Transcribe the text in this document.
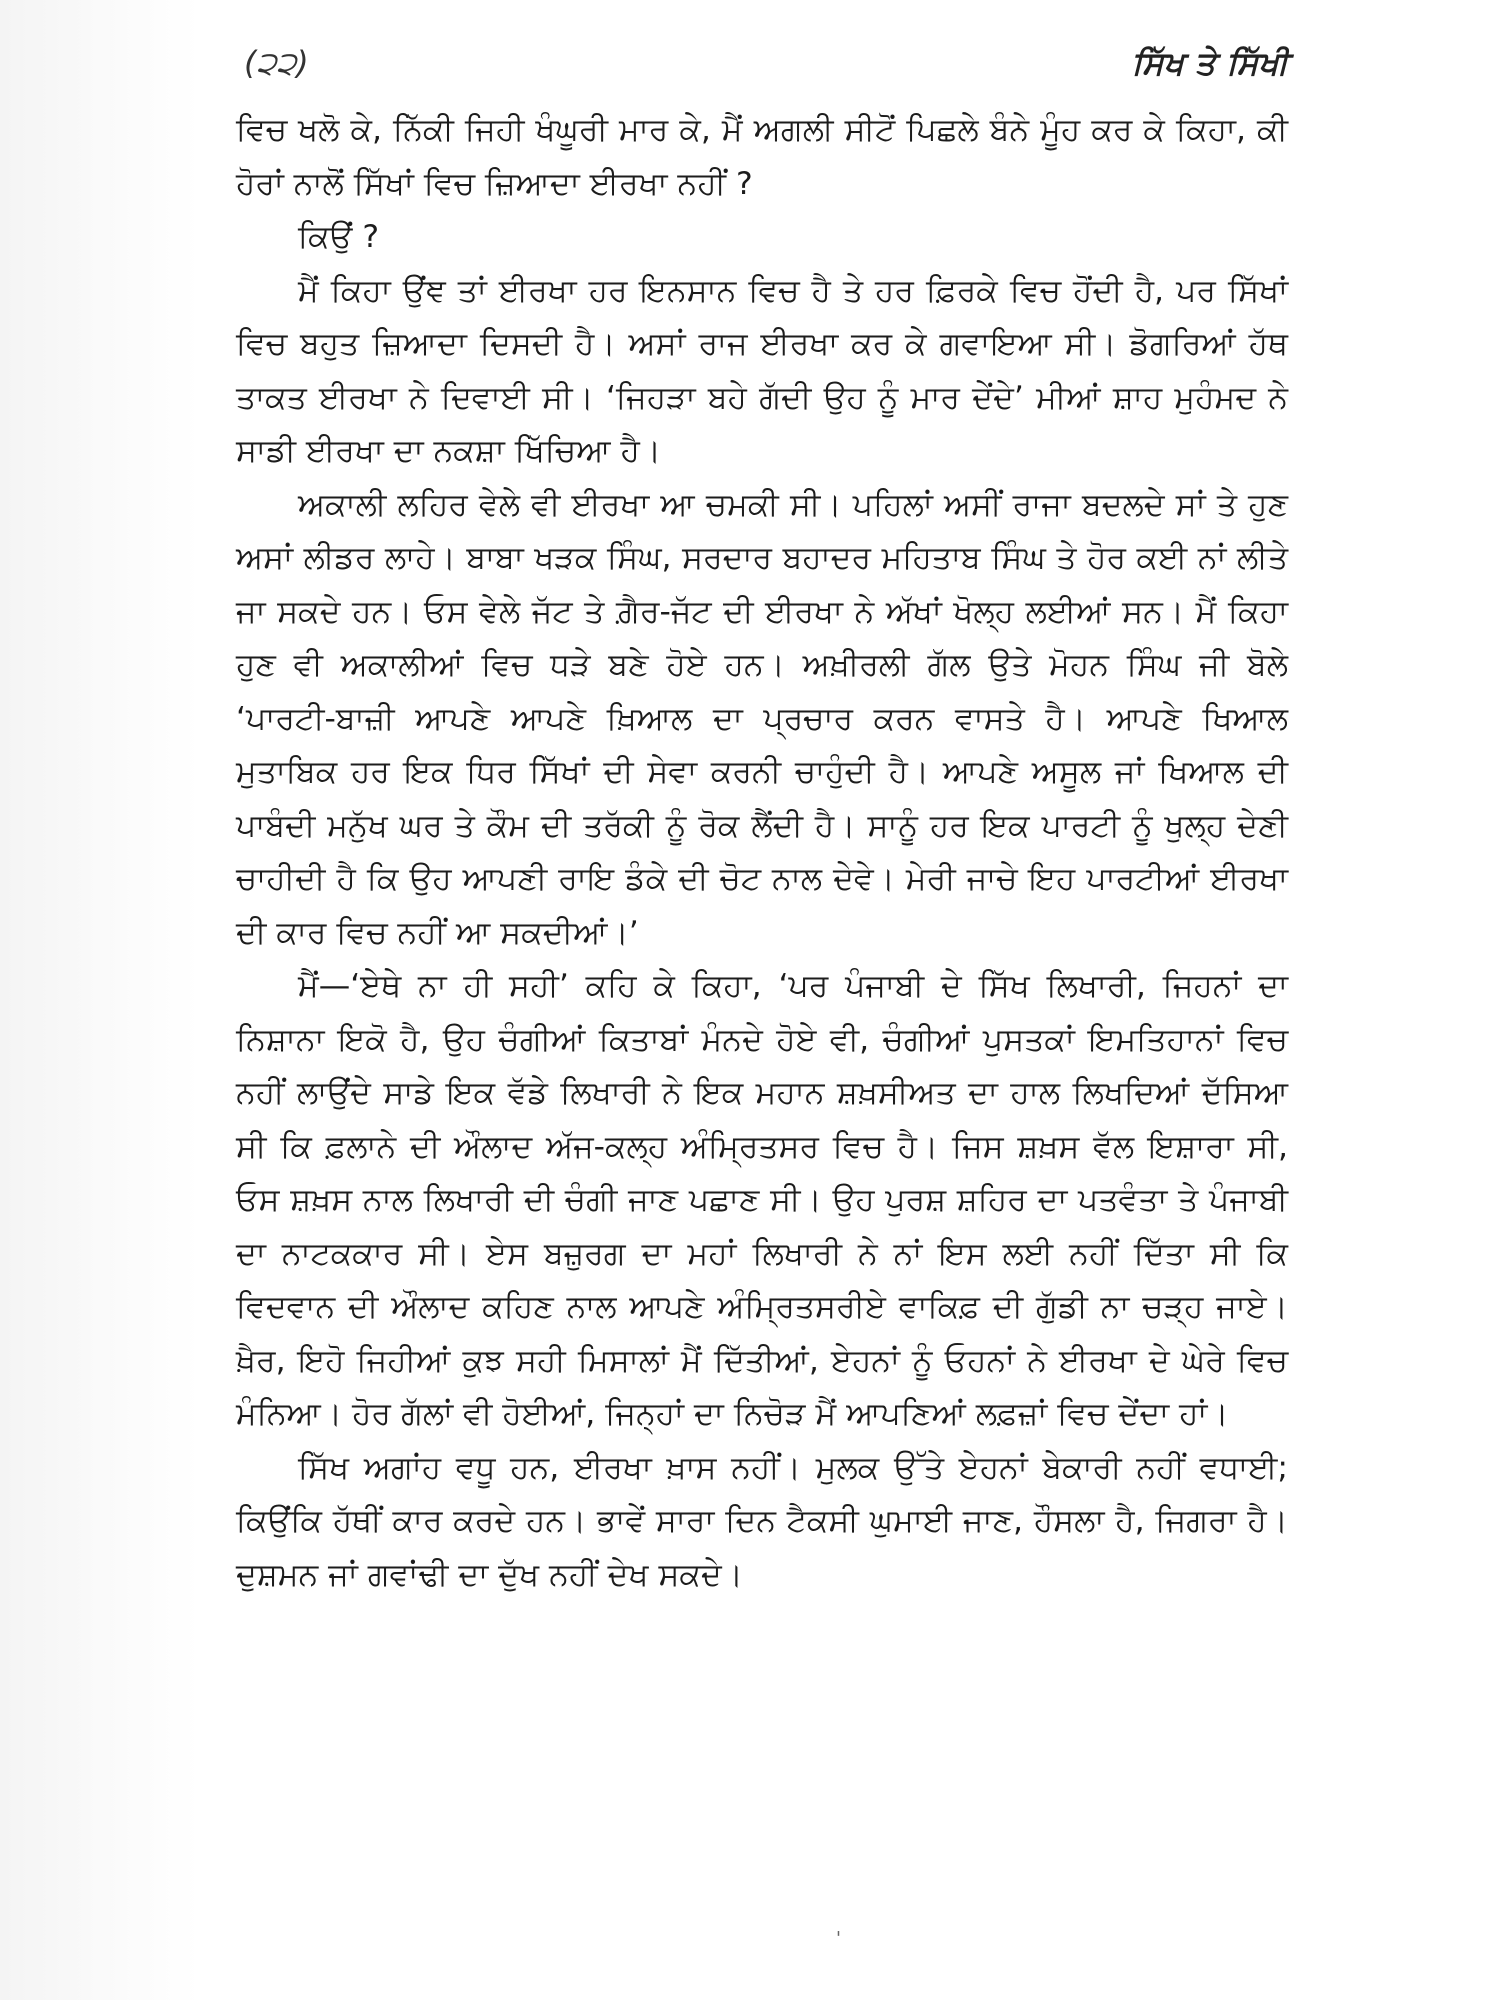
(੨੨)	ਸਿੱਖ ਤੇ ਸਿੱਖੀ

ਵਿਚ ਖਲੋ ਕੇ, ਨਿੱਕੀ ਜਿਹੀ ਖੰਘੂਰੀ ਮਾਰ ਕੇ, ਮੈਂ ਅਗਲੀ ਸੀਟੋਂ ਪਿਛਲੇ ਬੰਨੇ ਮੂੰਹ ਕਰ ਕੇ ਕਿਹਾ, ਕੀ ਹੋਰਾਂ ਨਾਲੋਂ ਸਿੱਖਾਂ ਵਿਚ ਜ਼ਿਆਦਾ ਈਰਖਾ ਨਹੀਂ ?

ਕਿਉਂ ?

ਮੈਂ ਕਿਹਾ ਉਂਞ ਤਾਂ ਈਰਖਾ ਹਰ ਇਨਸਾਨ ਵਿਚ ਹੈ ਤੇ ਹਰ ਫ਼ਿਰਕੇ ਵਿਚ ਹੋਂਦੀ ਹੈ, ਪਰ ਸਿੱਖਾਂ ਵਿਚ ਬਹੁਤ ਜ਼ਿਆਦਾ ਦਿਸਦੀ ਹੈ। ਅਸਾਂ ਰਾਜ ਈਰਖਾ ਕਰ ਕੇ ਗਵਾਇਆ ਸੀ। ਡੋਗਰਿਆਂ ਹੱਥ ਤਾਕਤ ਈਰਖਾ ਨੇ ਦਿਵਾਈ ਸੀ। ‘ਜਿਹੜਾ ਬਹੇ ਗੱਦੀ ਉਹ ਨੂੰ ਮਾਰ ਦੇਂਦੇ’ ਮੀਆਂ ਸ਼ਾਹ ਮੁਹੰਮਦ ਨੇ ਸਾਡੀ ਈਰਖਾ ਦਾ ਨਕਸ਼ਾ ਖਿੱਚਿਆ ਹੈ।

ਅਕਾਲੀ ਲਹਿਰ ਵੇਲੇ ਵੀ ਈਰਖਾ ਆ ਚਮਕੀ ਸੀ। ਪਹਿਲਾਂ ਅਸੀਂ ਰਾਜਾ ਬਦਲਦੇ ਸਾਂ ਤੇ ਹੁਣ ਅਸਾਂ ਲੀਡਰ ਲਾਹੇ। ਬਾਬਾ ਖੜਕ ਸਿੰਘ, ਸਰਦਾਰ ਬਹਾਦਰ ਮਹਿਤਾਬ ਸਿੰਘ ਤੇ ਹੋਰ ਕਈ ਨਾਂ ਲੀਤੇ ਜਾ ਸਕਦੇ ਹਨ। ਓਸ ਵੇਲੇ ਜੱਟ ਤੇ ਗ਼ੈਰ-ਜੱਟ ਦੀ ਈਰਖਾ ਨੇ ਅੱਖਾਂ ਖੋਲ੍ਹ ਲਈਆਂ ਸਨ। ਮੈਂ ਕਿਹਾ ਹੁਣ ਵੀ ਅਕਾਲੀਆਂ ਵਿਚ ਧੜੇ ਬਣੇ ਹੋਏ ਹਨ। ਅਖ਼ੀਰਲੀ ਗੱਲ ਉਤੇ ਮੋਹਨ ਸਿੰਘ ਜੀ ਬੋਲੇ ‘ਪਾਰਟੀ-ਬਾਜ਼ੀ ਆਪਣੇ ਆਪਣੇ ਖ਼ਿਆਲ ਦਾ ਪ੍ਰਚਾਰ ਕਰਨ ਵਾਸਤੇ ਹੈ। ਆਪਣੇ ਖਿਆਲ ਮੁਤਾਬਿਕ ਹਰ ਇਕ ਧਿਰ ਸਿੱਖਾਂ ਦੀ ਸੇਵਾ ਕਰਨੀ ਚਾਹੁੰਦੀ ਹੈ। ਆਪਣੇ ਅਸੂਲ ਜਾਂ ਖਿਆਲ ਦੀ ਪਾਬੰਦੀ ਮਨੁੱਖ ਘਰ ਤੇ ਕੌਮ ਦੀ ਤਰੱਕੀ ਨੂੰ ਰੋਕ ਲੈਂਦੀ ਹੈ। ਸਾਨੂੰ ਹਰ ਇਕ ਪਾਰਟੀ ਨੂੰ ਖੁਲ੍ਹ ਦੇਣੀ ਚਾਹੀਦੀ ਹੈ ਕਿ ਉਹ ਆਪਣੀ ਰਾਇ ਡੰਕੇ ਦੀ ਚੋਟ ਨਾਲ ਦੇਵੇ। ਮੇਰੀ ਜਾਚੇ ਇਹ ਪਾਰਟੀਆਂ ਈਰਖਾ ਦੀ ਕਾਰ ਵਿਚ ਨਹੀਂ ਆ ਸਕਦੀਆਂ।’

ਮੈਂ—‘ਏਥੇ ਨਾ ਹੀ ਸਹੀ’ ਕਹਿ ਕੇ ਕਿਹਾ, ‘ਪਰ ਪੰਜਾਬੀ ਦੇ ਸਿੱਖ ਲਿਖਾਰੀ, ਜਿਹਨਾਂ ਦਾ ਨਿਸ਼ਾਨਾ ਇਕੋ ਹੈ, ਉਹ ਚੰਗੀਆਂ ਕਿਤਾਬਾਂ ਮੰਨਦੇ ਹੋਏ ਵੀ, ਚੰਗੀਆਂ ਪੁਸਤਕਾਂ ਇਮਤਿਹਾਨਾਂ ਵਿਚ ਨਹੀਂ ਲਾਉਂਦੇ ਸਾਡੇ ਇਕ ਵੱਡੇ ਲਿਖਾਰੀ ਨੇ ਇਕ ਮਹਾਨ ਸ਼ਖ਼ਸੀਅਤ ਦਾ ਹਾਲ ਲਿਖਦਿਆਂ ਦੱਸਿਆ ਸੀ ਕਿ ਫ਼ਲਾਨੇ ਦੀ ਔਲਾਦ ਅੱਜ-ਕਲ੍ਹ ਅੰਮ੍ਰਿਤਸਰ ਵਿਚ ਹੈ। ਜਿਸ ਸ਼ਖ਼ਸ ਵੱਲ ਇਸ਼ਾਰਾ ਸੀ, ਓਸ ਸ਼ਖ਼ਸ ਨਾਲ ਲਿਖਾਰੀ ਦੀ ਚੰਗੀ ਜਾਣ ਪਛਾਣ ਸੀ। ਉਹ ਪੁਰਸ਼ ਸ਼ਹਿਰ ਦਾ ਪਤਵੰਤਾ ਤੇ ਪੰਜਾਬੀ ਦਾ ਨਾਟਕਕਾਰ ਸੀ। ਏਸ ਬਜ਼ੁਰਗ ਦਾ ਮਹਾਂ ਲਿਖਾਰੀ ਨੇ ਨਾਂ ਇਸ ਲਈ ਨਹੀਂ ਦਿੱਤਾ ਸੀ ਕਿ ਵਿਦਵਾਨ ਦੀ ਔਲਾਦ ਕਹਿਣ ਨਾਲ ਆਪਣੇ ਅੰਮ੍ਰਿਤਸਰੀਏ ਵਾਕਿਫ਼ ਦੀ ਗੁੱਡੀ ਨਾ ਚੜ੍ਹ ਜਾਏ। ਖ਼ੈਰ, ਇਹੋ ਜਿਹੀਆਂ ਕੁਝ ਸਹੀ ਮਿਸਾਲਾਂ ਮੈਂ ਦਿੱਤੀਆਂ, ਏਹਨਾਂ ਨੂੰ ਓਹਨਾਂ ਨੇ ਈਰਖਾ ਦੇ ਘੇਰੇ ਵਿਚ ਮੰਨਿਆ। ਹੋਰ ਗੱਲਾਂ ਵੀ ਹੋਈਆਂ, ਜਿਨ੍ਹਾਂ ਦਾ ਨਿਚੋੜ ਮੈਂ ਆਪਣਿਆਂ ਲਫ਼ਜ਼ਾਂ ਵਿਚ ਦੇਂਦਾ ਹਾਂ।

ਸਿੱਖ ਅਗਾਂਹ ਵਧੂ ਹਨ, ਈਰਖਾ ਖ਼ਾਸ ਨਹੀਂ। ਮੁਲਕ ਉੱਤੇ ਏਹਨਾਂ ਬੇਕਾਰੀ ਨਹੀਂ ਵਧਾਈ; ਕਿਉਂਕਿ ਹੱਥੀਂ ਕਾਰ ਕਰਦੇ ਹਨ। ਭਾਵੇਂ ਸਾਰਾ ਦਿਨ ਟੈਕਸੀ ਘੁਮਾਈ ਜਾਣ, ਹੌਸਲਾ ਹੈ, ਜਿਗਰਾ ਹੈ। ਦੁਸ਼ਮਨ ਜਾਂ ਗਵਾਂਢੀ ਦਾ ਦੁੱਖ ਨਹੀਂ ਦੇਖ ਸਕਦੇ।

'
